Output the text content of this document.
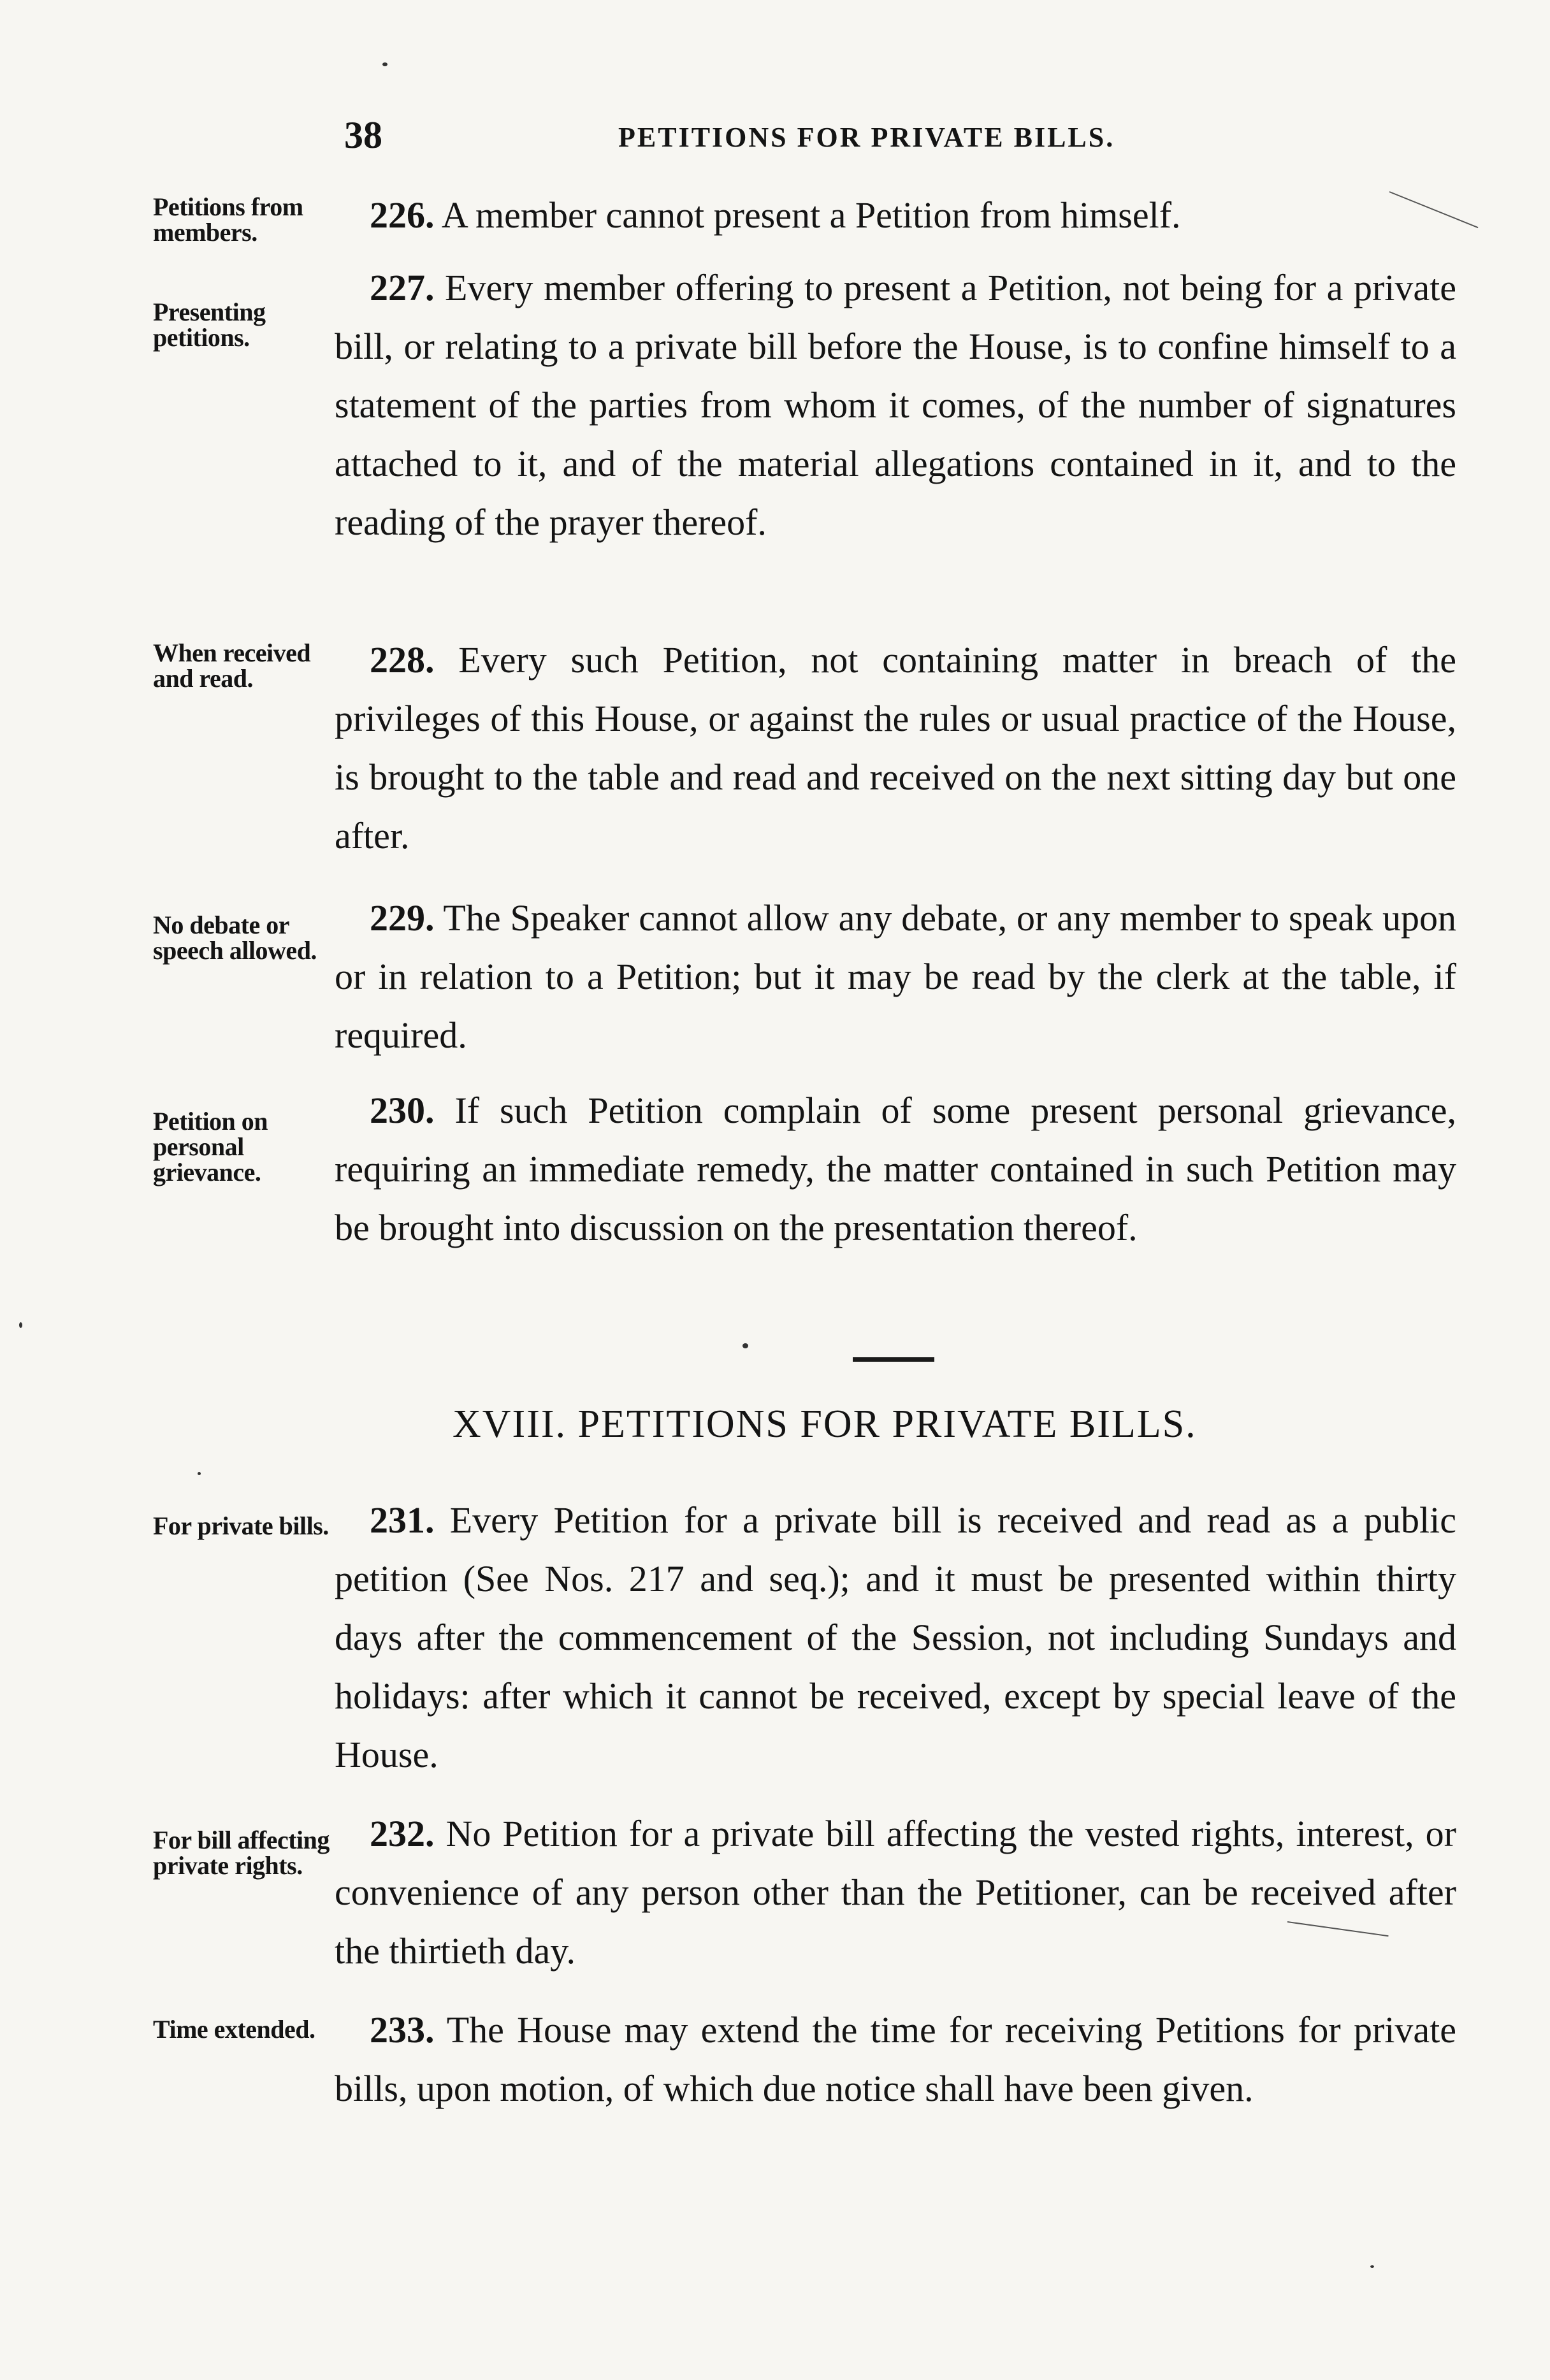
38	PETITIONS FOR PRIVATE BILLS.
Petitions from members.
Presenting petitions.
When received and read.
No debate or speech allowed.
Petition on personal grievance.
For private bills.
For bill affecting private rights.
Time extended.
226. A member cannot present a Petition from himself.
227. Every member offering to present a Petition, not being for a private bill, or relating to a private bill before the House, is to confine himself to a statement of the parties from whom it comes, of the number of signatures attached to it, and of the material allegations contained in it, and to the reading of the prayer thereof.
228. Every such Petition, not containing matter in breach of the privileges of this House, or against the rules or usual practice of the House, is brought to the table and read and received on the next sitting day but one after.
229. The Speaker cannot allow any debate, or any member to speak upon or in relation to a Petition; but it may be read by the clerk at the table, if required.
230. If such Petition complain of some present personal grievance, requiring an immediate remedy, the matter contained in such Petition may be brought into discussion on the presentation thereof.
XVIII. PETITIONS FOR PRIVATE BILLS.
231. Every Petition for a private bill is received and read as a public petition (See Nos. 217 and seq.); and it must be presented within thirty days after the commencement of the Session, not including Sundays and holidays: after which it cannot be received, except by special leave of the House.
232. No Petition for a private bill affecting the vested rights, interest, or convenience of any person other than the Petitioner, can be received after the thirtieth day.
233. The House may extend the time for receiving Petitions for private bills, upon motion, of which due notice shall have been given.
